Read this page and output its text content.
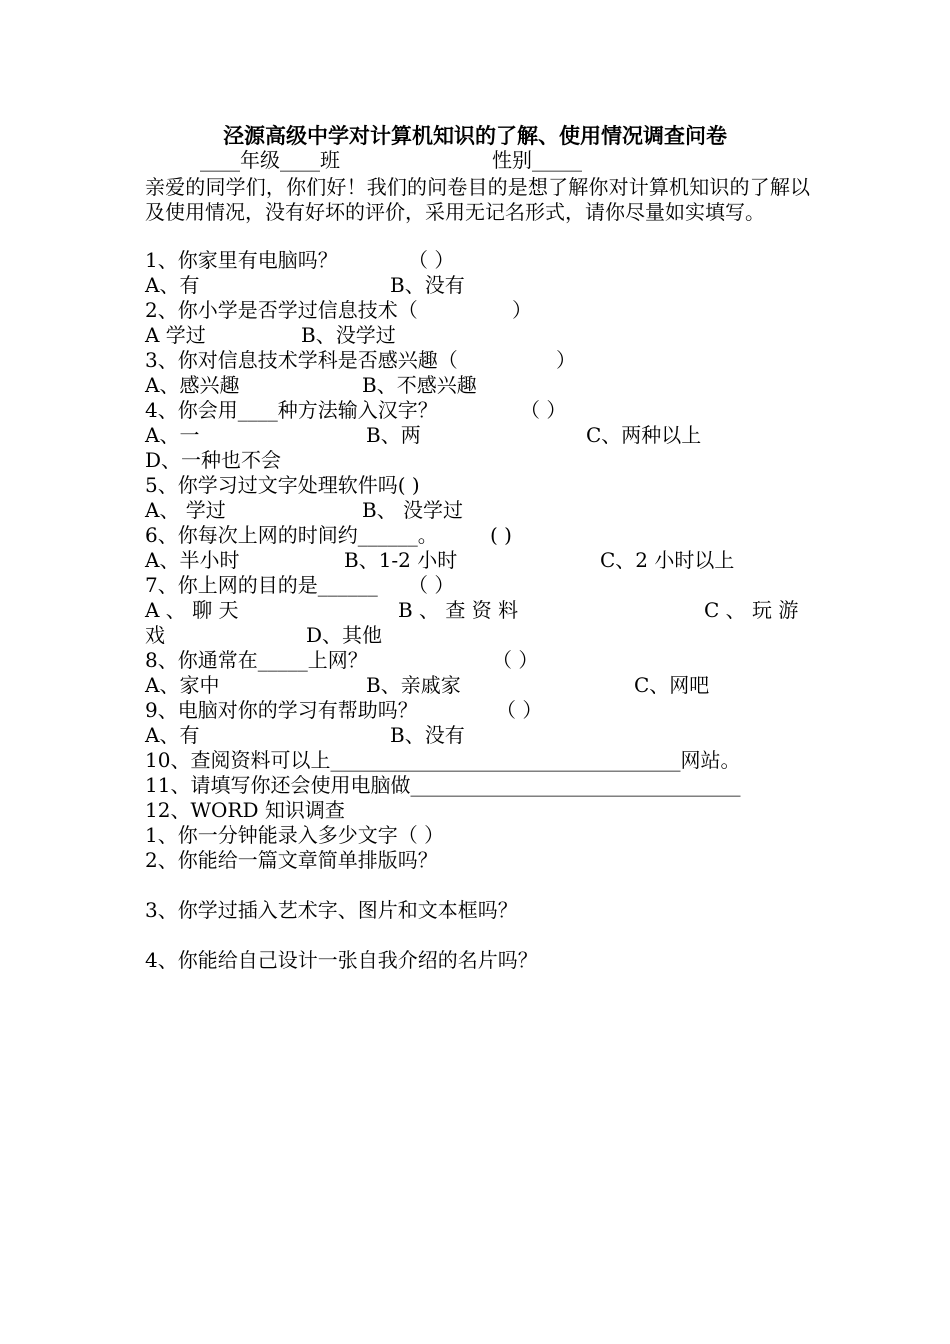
泾源高级中学对计算机知识的了解、使用情况调查问卷
____年级____班	性别_____
亲爱的同学们，你们好！我们的问卷目的是想了解你对计算机知识的了解以及使用情况，没有好坏的评价，采用无记名形式，请你尽量如实填写。
1、你家里有电脑吗？	（ ）
A、有	B、没有
2、你小学是否学过信息技术（	）
A 学过	B、没学过
3、你对信息技术学科是否感兴趣（	）
A、感兴趣	B、不感兴趣
4、你会用____种方法输入汉字？	（ ）
A、一	B、两	C、两种以上
D、一种也不会
5、你学习过文字处理软件吗( )
A、 学过	B、 没学过
6、你每次上网的时间约______。	( )
A、半小时	B、1-2 小时	C、2 小时以上
7、你上网的目的是______ （ ）
A 、 聊 天	B 、 查 资 料	C 、 玩 游
戏	D、其他
8、你通常在_____上网？	（ ）
A、家中	B、亲戚家	C、网吧
9、电脑对你的学习有帮助吗？	（ ）
A、有	B、没有
10、查阅资料可以上___________________________________网站。
11、请填写你还会使用电脑做_________________________________
12、WORD 知识调查
1、你一分钟能录入多少文字（ ）
2、你能给一篇文章简单排版吗？
3、你学过插入艺术字、图片和文本框吗？
4、你能给自己设计一张自我介绍的名片吗？
